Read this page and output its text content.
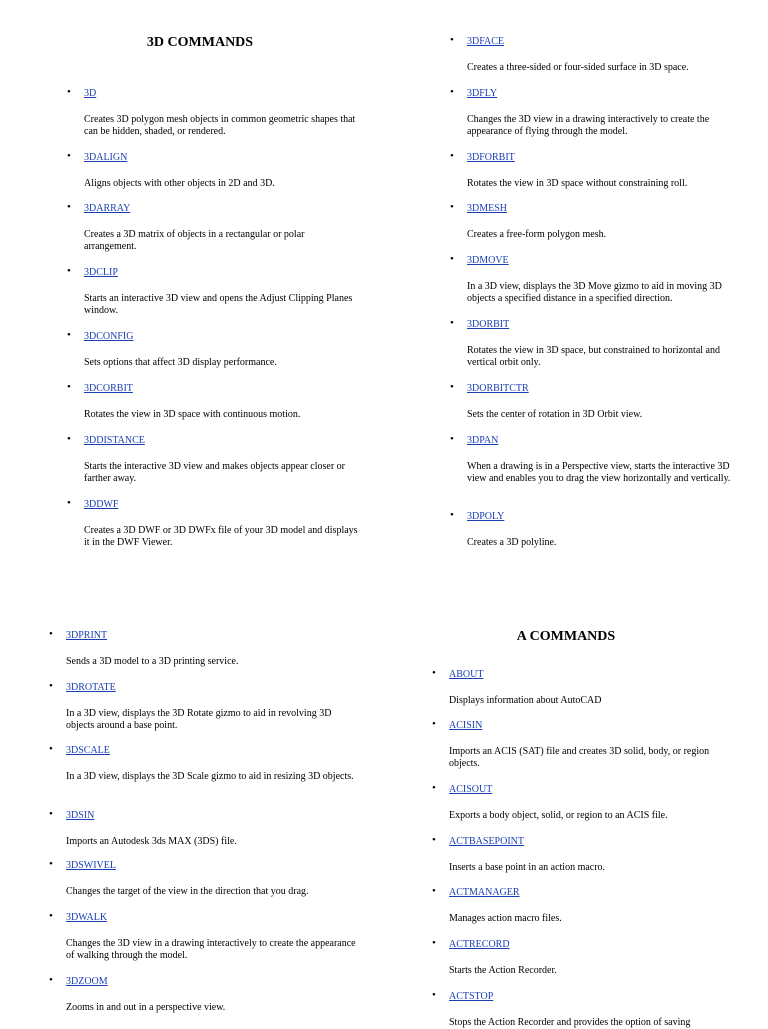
3D COMMANDS
• 3D
Creates 3D polygon mesh objects in common geometric shapes that can be hidden, shaded, or rendered.
• 3DALIGN
Aligns objects with other objects in 2D and 3D.
• 3DARRAY
Creates a 3D matrix of objects in a rectangular or polar arrangement.
• 3DCLIP
Starts an interactive 3D view and opens the Adjust Clipping Planes window.
• 3DCONFIG
Sets options that affect 3D display performance.
• 3DCORBIT
Rotates the view in 3D space with continuous motion.
• 3DDISTANCE
Starts the interactive 3D view and makes objects appear closer or farther away.
• 3DDWF
Creates a 3D DWF or 3D DWFx file of your 3D model and displays it in the DWF Viewer.
• 3DFACE
Creates a three-sided or four-sided surface in 3D space.
• 3DFLY
Changes the 3D view in a drawing interactively to create the appearance of flying through the model.
• 3DFORBIT
Rotates the view in 3D space without constraining roll.
• 3DMESH
Creates a free-form polygon mesh.
• 3DMOVE
In a 3D view, displays the 3D Move gizmo to aid in moving 3D objects a specified distance in a specified direction.
• 3DORBIT
Rotates the view in 3D space, but constrained to horizontal and vertical orbit only.
• 3DORBITCTR
Sets the center of rotation in 3D Orbit view.
• 3DPAN
When a drawing is in a Perspective view, starts the interactive 3D view and enables you to drag the view horizontally and vertically.
• 3DPOLY
Creates a 3D polyline.
• 3DPRINT
Sends a 3D model to a 3D printing service.
• 3DROTATE
In a 3D view, displays the 3D Rotate gizmo to aid in revolving 3D objects around a base point.
• 3DSCALE
In a 3D view, displays the 3D Scale gizmo to aid in resizing 3D objects.
• 3DSIN
Imports an Autodesk 3ds MAX (3DS) file.
• 3DSWIVEL
Changes the target of the view in the direction that you drag.
• 3DWALK
Changes the 3D view in a drawing interactively to create the appearance of walking through the model.
• 3DZOOM
Zooms in and out in a perspective view.
A COMMANDS
• ABOUT
Displays information about AutoCAD
• ACISIN
Imports an ACIS (SAT) file and creates 3D solid, body, or region objects.
• ACISOUT
Exports a body object, solid, or region to an ACIS file.
• ACTBASEPOINT
Inserts a base point in an action macro.
• ACTMANAGER
Manages action macro files.
• ACTRECORD
Starts the Action Recorder.
• ACTSTOP
Stops the Action Recorder and provides the option of saving
